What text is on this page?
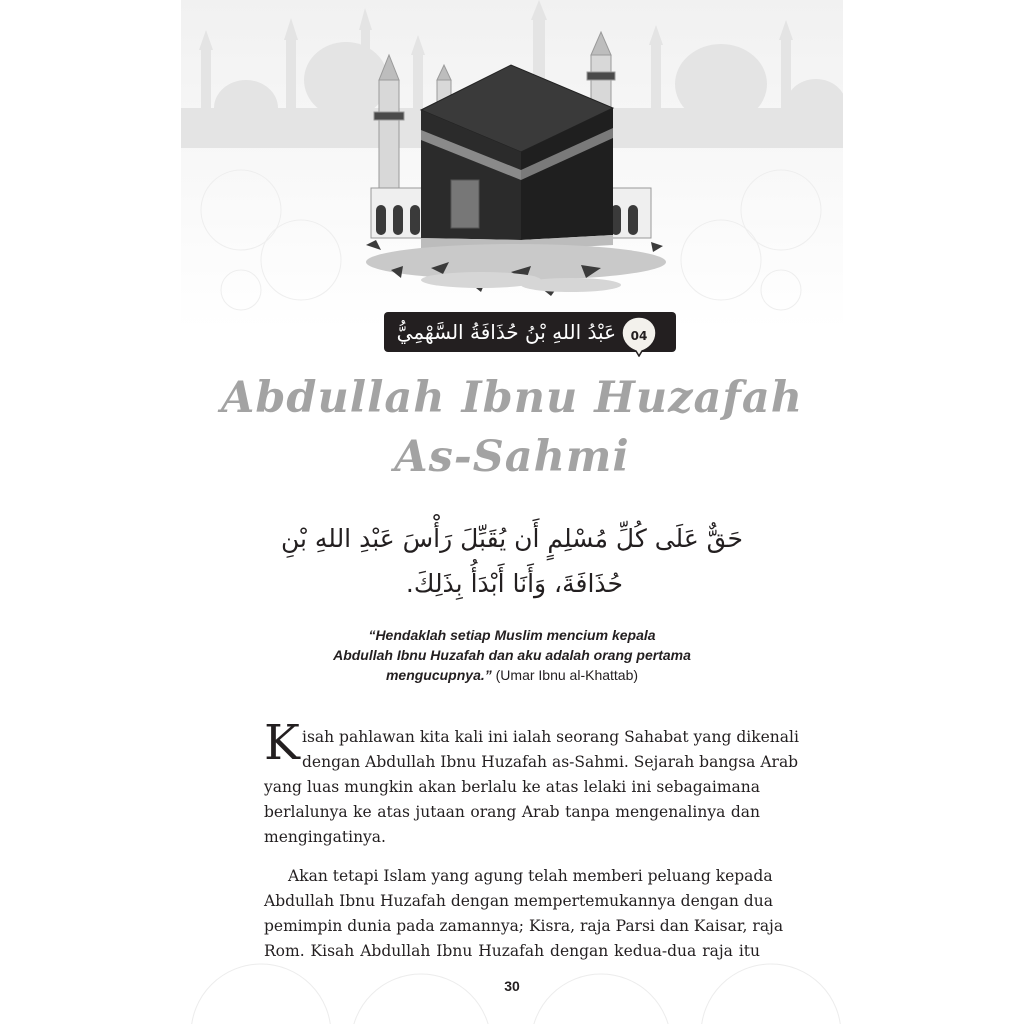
عَبْدُ اللهِ بْنُ حُذَافَةُ السَّهْمِيُّ	04
Abdullah Ibnu Huzafah
As-Sahmi
حَقٌّ عَلَى كُلِّ مُسْلِمٍ أَن يُقَبِّلَ رَأْسَ عَبْدِ اللهِ بْنِ
حُذَافَةَ، وَأَنَا أَبْدَأُ بِذَلِكَ.
“Hendaklah setiap Muslim mencium kepala
Abdullah Ibnu Huzafah dan aku adalah orang pertama
mengucupnya.” (Umar Ibnu al-Khattab)
K isah pahlawan kita kali ini ialah seorang Sahabat yang dikenali
dengan Abdullah Ibnu Huzafah as-Sahmi. Sejarah bangsa Arab
yang luas mungkin akan berlalu ke atas lelaki ini sebagaimana
berlalunya ke atas jutaan orang Arab tanpa mengenalinya dan
mengingatinya.
Akan tetapi Islam yang agung telah memberi peluang kepada
Abdullah Ibnu Huzafah dengan mempertemukannya dengan dua
pemimpin dunia pada zamannya; Kisra, raja Parsi dan Kaisar, raja
Rom. Kisah Abdullah Ibnu Huzafah dengan kedua-dua raja itu
30
